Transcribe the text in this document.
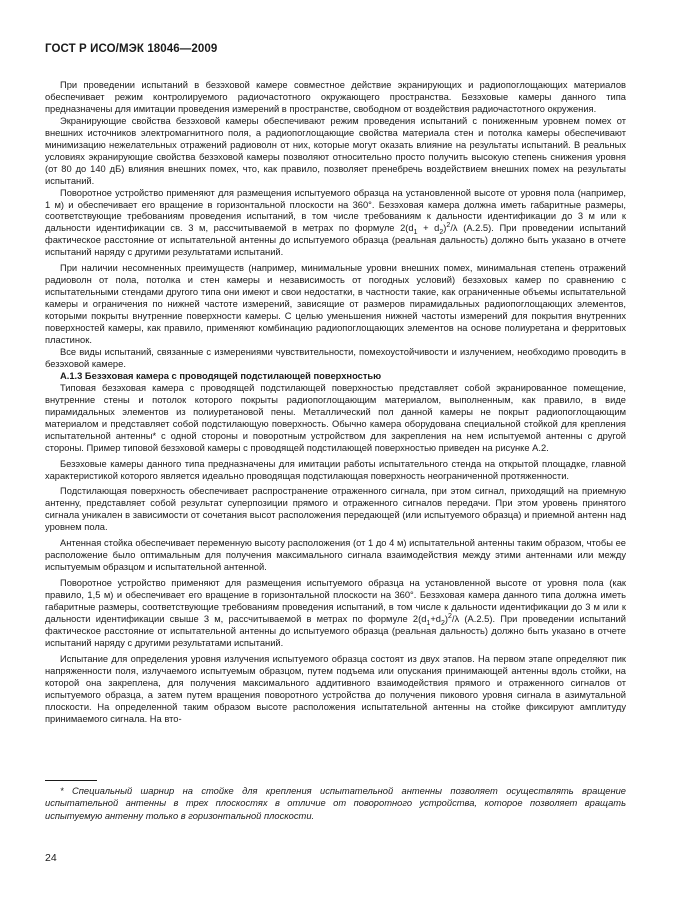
ГОСТ Р ИСО/МЭК 18046—2009

При проведении испытаний в безэховой камере совместное действие экранирующих и радиопоглощающих материалов обеспечивает режим контролируемого радиочастотного окружающего пространства. Безэховые камеры данного типа предназначены для имитации проведения измерений в пространстве, свободном от воздействия радиочастотного окружения.

Экранирующие свойства безэховой камеры обеспечивают режим проведения испытаний с пониженным уровнем помех от внешних источников электромагнитного поля, а радиопоглощающие свойства материала стен и потолка камеры обеспечивают минимизацию нежелательных отражений радиоволн от них, которые могут оказать влияние на результаты испытаний. В реальных условиях экранирующие свойства безэховой камеры позволяют относительно просто получить высокую степень снижения уровня (от 80 до 140 дБ) влияния внешних помех, что, как правило, позволяет пренебречь воздействием внешних помех на результаты испытаний.

Поворотное устройство применяют для размещения испытуемого образца на установленной высоте от уровня пола (например, 1 м) и обеспечивает его вращение в горизонтальной плоскости на 360°. Безэховая камера должна иметь габаритные размеры, соответствующие требованиям проведения испытаний, в том числе требованиям к дальности идентификации до 3 м или к дальности идентификации св. 3 м, рассчитываемой в метрах по формуле $2(d_1 + d_2)^2/\lambda$ (A.2.5). При проведении испытаний фактическое расстояние от испытательной антенны до испытуемого образца (реальная дальность) должно быть указано в отчете испытаний наряду с другими результатами испытаний.

При наличии несомненных преимуществ (например, минимальные уровни внешних помех, минимальная степень отражений радиоволн от пола, потолка и стен камеры и независимость от погодных условий) безэховых камер по сравнению с испытательными стендами другого типа они имеют и свои недостатки, в частности такие, как ограниченные объемы испытательной камеры и ограничения по нижней частоте измерений, зависящие от размеров пирамидальных радиопоглощающих элементов, которыми покрыты внутренние поверхности камеры. С целью уменьшения нижней частоты измерений для покрытия внутренних поверхностей камеры, как правило, применяют комбинацию радиопоглощающих элементов на основе полиуретана и ферритовых пластинок.

Все виды испытаний, связанные с измерениями чувствительности, помехоустойчивости и излучением, необходимо проводить в безэховой камере.

А.1.3 Безэховая камера с проводящей подстилающей поверхностью

Типовая безэховая камера с проводящей подстилающей поверхностью представляет собой экранированное помещение, внутренние стены и потолок которого покрыты радиопоглощающим материалом, выполненным, как правило, в виде пирамидальных элементов из полиуретановой пены. Металлический пол данной камеры не покрыт радиопоглощающим материалом и представляет собой подстилающую поверхность. Обычно камера оборудована специальной стойкой для крепления испытательной антенны* с одной стороны и поворотным устройством для закрепления на нем испытуемой антенны с другой стороны. Пример типовой безэховой камеры с проводящей подстилающей поверхностью приведен на рисунке А.2.

Безэховые камеры данного типа предназначены для имитации работы испытательного стенда на открытой площадке, главной характеристикой которого является идеально проводящая подстилающая поверхность неограниченной протяженности.

Подстилающая поверхность обеспечивает распространение отраженного сигнала, при этом сигнал, приходящий на приемную антенну, представляет собой результат суперпозиции прямого и отраженного сигналов передачи. При этом уровень принятого сигнала уникален в зависимости от сочетания высот расположения передающей (или испытуемого образца) и приемной антенн над уровнем пола.

Антенная стойка обеспечивает переменную высоту расположения (от 1 до 4 м) испытательной антенны таким образом, чтобы ее расположение было оптимальным для получения максимального сигнала взаимодействия между этими антеннами или между испытуемым образцом и испытательной антенной.

Поворотное устройство применяют для размещения испытуемого образца на установленной высоте от уровня пола (как правило, 1,5 м) и обеспечивает его вращение в горизонтальной плоскости на 360°. Безэховая камера данного типа должна иметь габаритные размеры, соответствующие требованиям проведения испытаний, в том числе к дальности идентификации до 3 м или к дальности идентификации свыше 3 м, рассчитываемой в метрах по формуле $2(d_1+d_2)^2/\lambda$ (A.2.5). При проведении испытаний фактическое расстояние от испытательной антенны до испытуемого образца (реальная дальность) должно быть указано в отчете испытаний наряду с другими результатами испытаний.

Испытание для определения уровня излучения испытуемого образца состоят из двух этапов. На первом этапе определяют пик напряженности поля, излучаемого испытуемым образцом, путем подъема или опускания принимающей антенны вдоль стойки, на которой она закреплена, для получения максимального аддитивного взаимодействия прямого и отраженного сигналов от испытуемого образца, а затем путем вращения поворотного устройства до получения пикового уровня сигнала в азимутальной плоскости. На определенной таким образом высоте расположения испытательной антенны на стойке фиксируют амплитуду принимаемого сигнала. На вто-

* Специальный шарнир на стойке для крепления испытательной антенны позволяет осуществлять вращение испытательной антенны в трех плоскостях в отличие от поворотного устройства, которое позволяет вращать испытуемую антенну только в горизонтальной плоскости.

24
